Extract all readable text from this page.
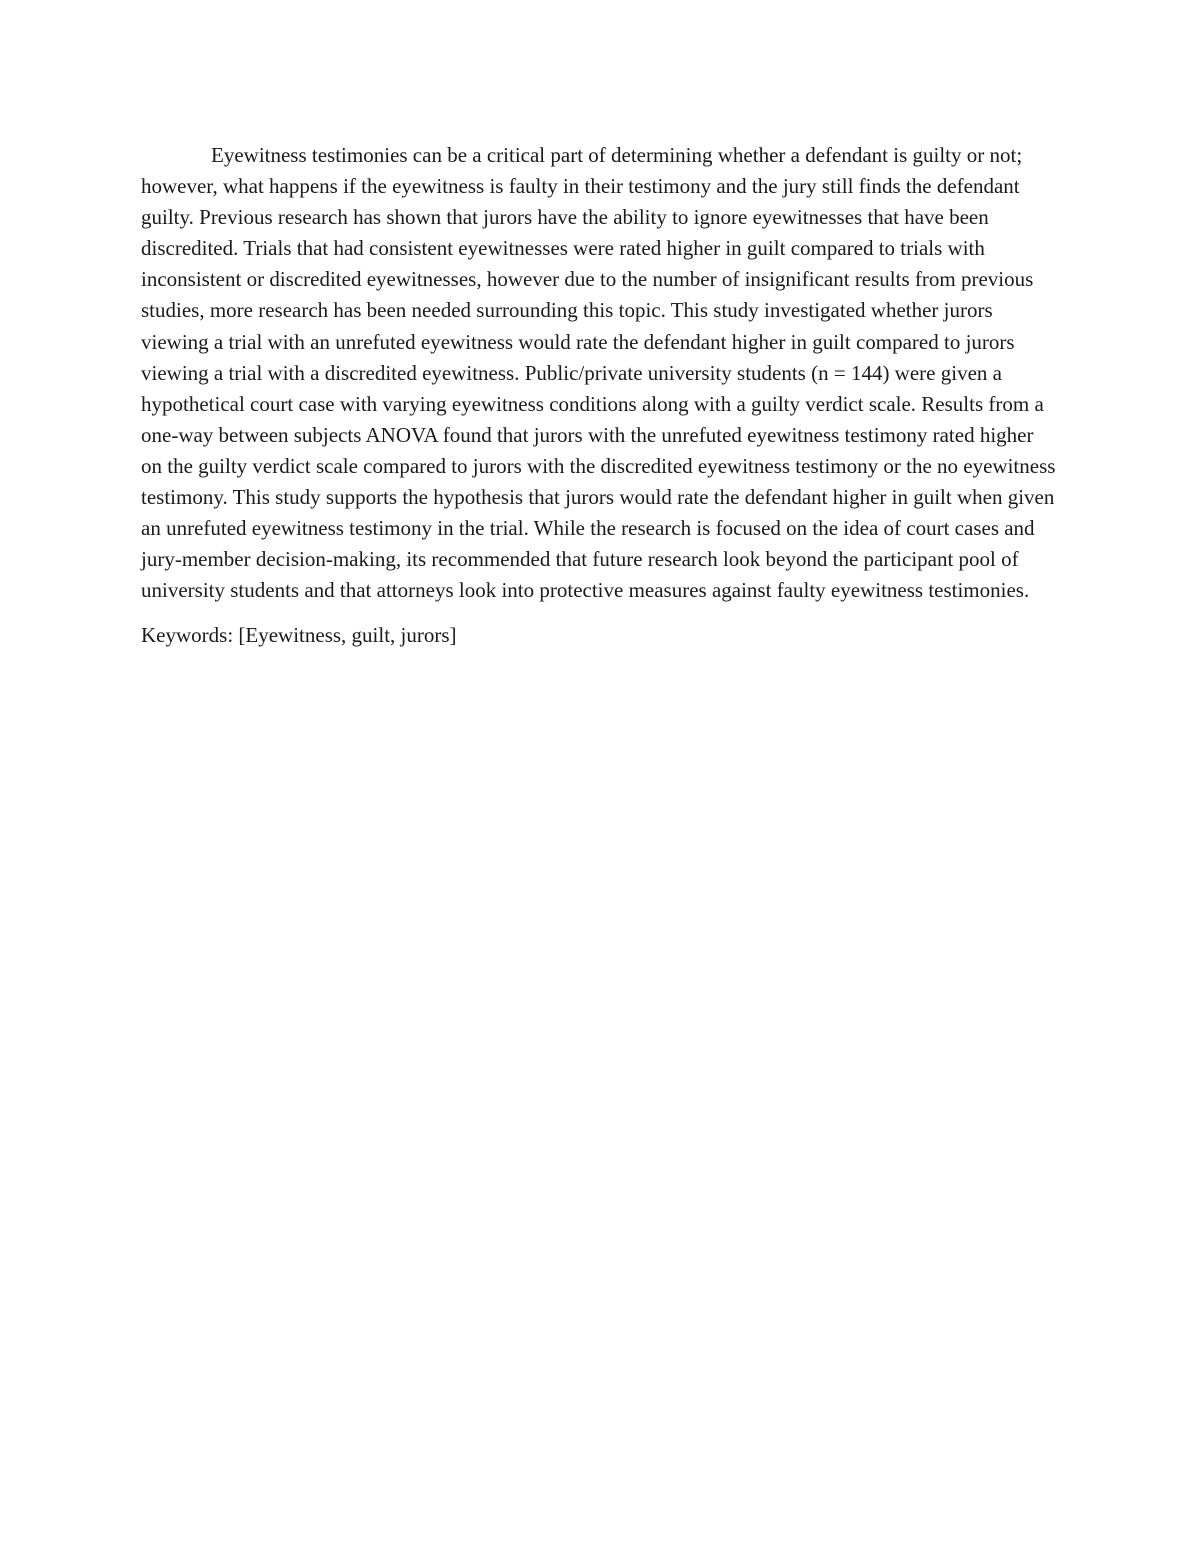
Eyewitness testimonies can be a critical part of determining whether a defendant is guilty or not; however, what happens if the eyewitness is faulty in their testimony and the jury still finds the defendant guilty. Previous research has shown that jurors have the ability to ignore eyewitnesses that have been discredited. Trials that had consistent eyewitnesses were rated higher in guilt compared to trials with inconsistent or discredited eyewitnesses, however due to the number of insignificant results from previous studies, more research has been needed surrounding this topic. This study investigated whether jurors viewing a trial with an unrefuted eyewitness would rate the defendant higher in guilt compared to jurors viewing a trial with a discredited eyewitness. Public/private university students (n = 144) were given a hypothetical court case with varying eyewitness conditions along with a guilty verdict scale. Results from a one-way between subjects ANOVA found that jurors with the unrefuted eyewitness testimony rated higher on the guilty verdict scale compared to jurors with the discredited eyewitness testimony or the no eyewitness testimony. This study supports the hypothesis that jurors would rate the defendant higher in guilt when given an unrefuted eyewitness testimony in the trial. While the research is focused on the idea of court cases and jury-member decision-making, its recommended that future research look beyond the participant pool of university students and that attorneys look into protective measures against faulty eyewitness testimonies.

Keywords: [Eyewitness, guilt, jurors]
